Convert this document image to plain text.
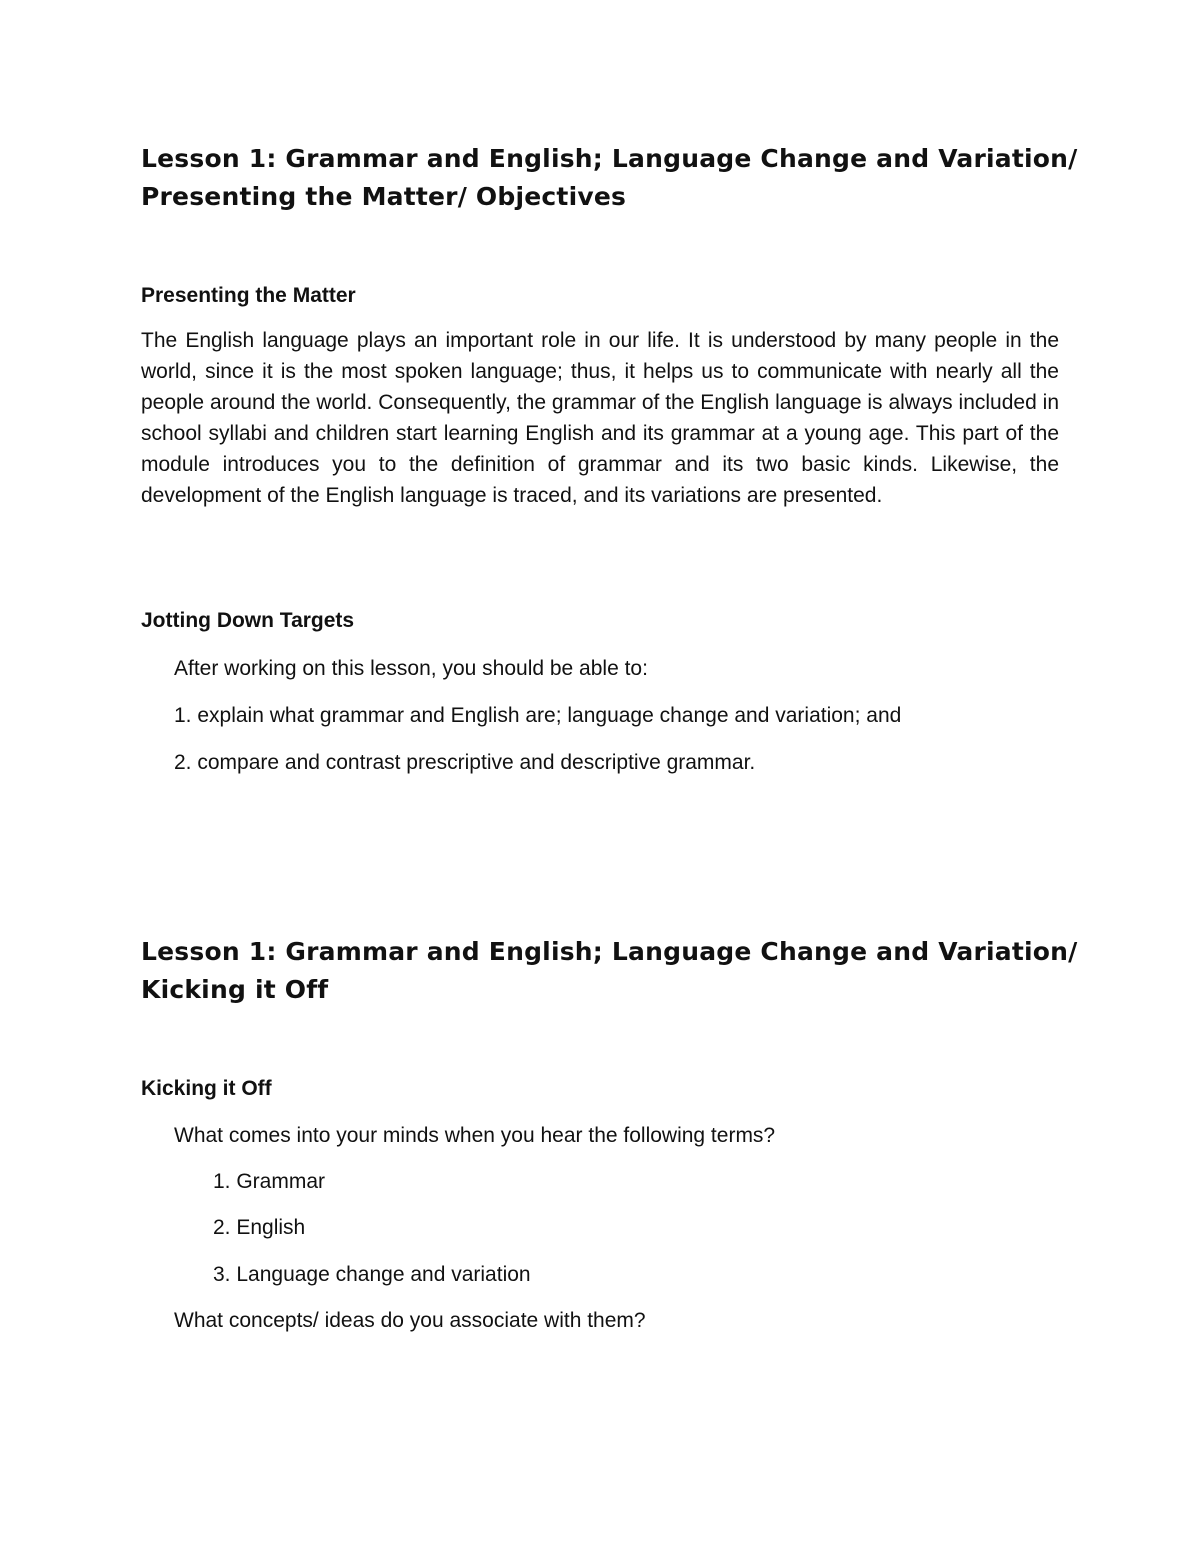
Lesson 1: Grammar and English; Language Change and Variation/
Presenting the Matter/ Objectives
Presenting the Matter

The English language plays an important role in our life. It is understood by many people in the world, since it is the most spoken language; thus, it helps us to communicate with nearly all the people around the world. Consequently, the grammar of the English language is always included in school syllabi and children start learning English and its grammar at a young age. This part of the module introduces you to the definition of grammar and its two basic kinds. Likewise, the development of the English language is traced, and its variations are presented.

Jotting Down Targets

After working on this lesson, you should be able to:

1. explain what grammar and English are; language change and variation; and

2. compare and contrast prescriptive and descriptive grammar.

Lesson 1: Grammar and English; Language Change and Variation/
Kicking it Off
Kicking it Off

What comes into your minds when you hear the following terms?

1. Grammar

2. English

3. Language change and variation

What concepts/ ideas do you associate with them?
